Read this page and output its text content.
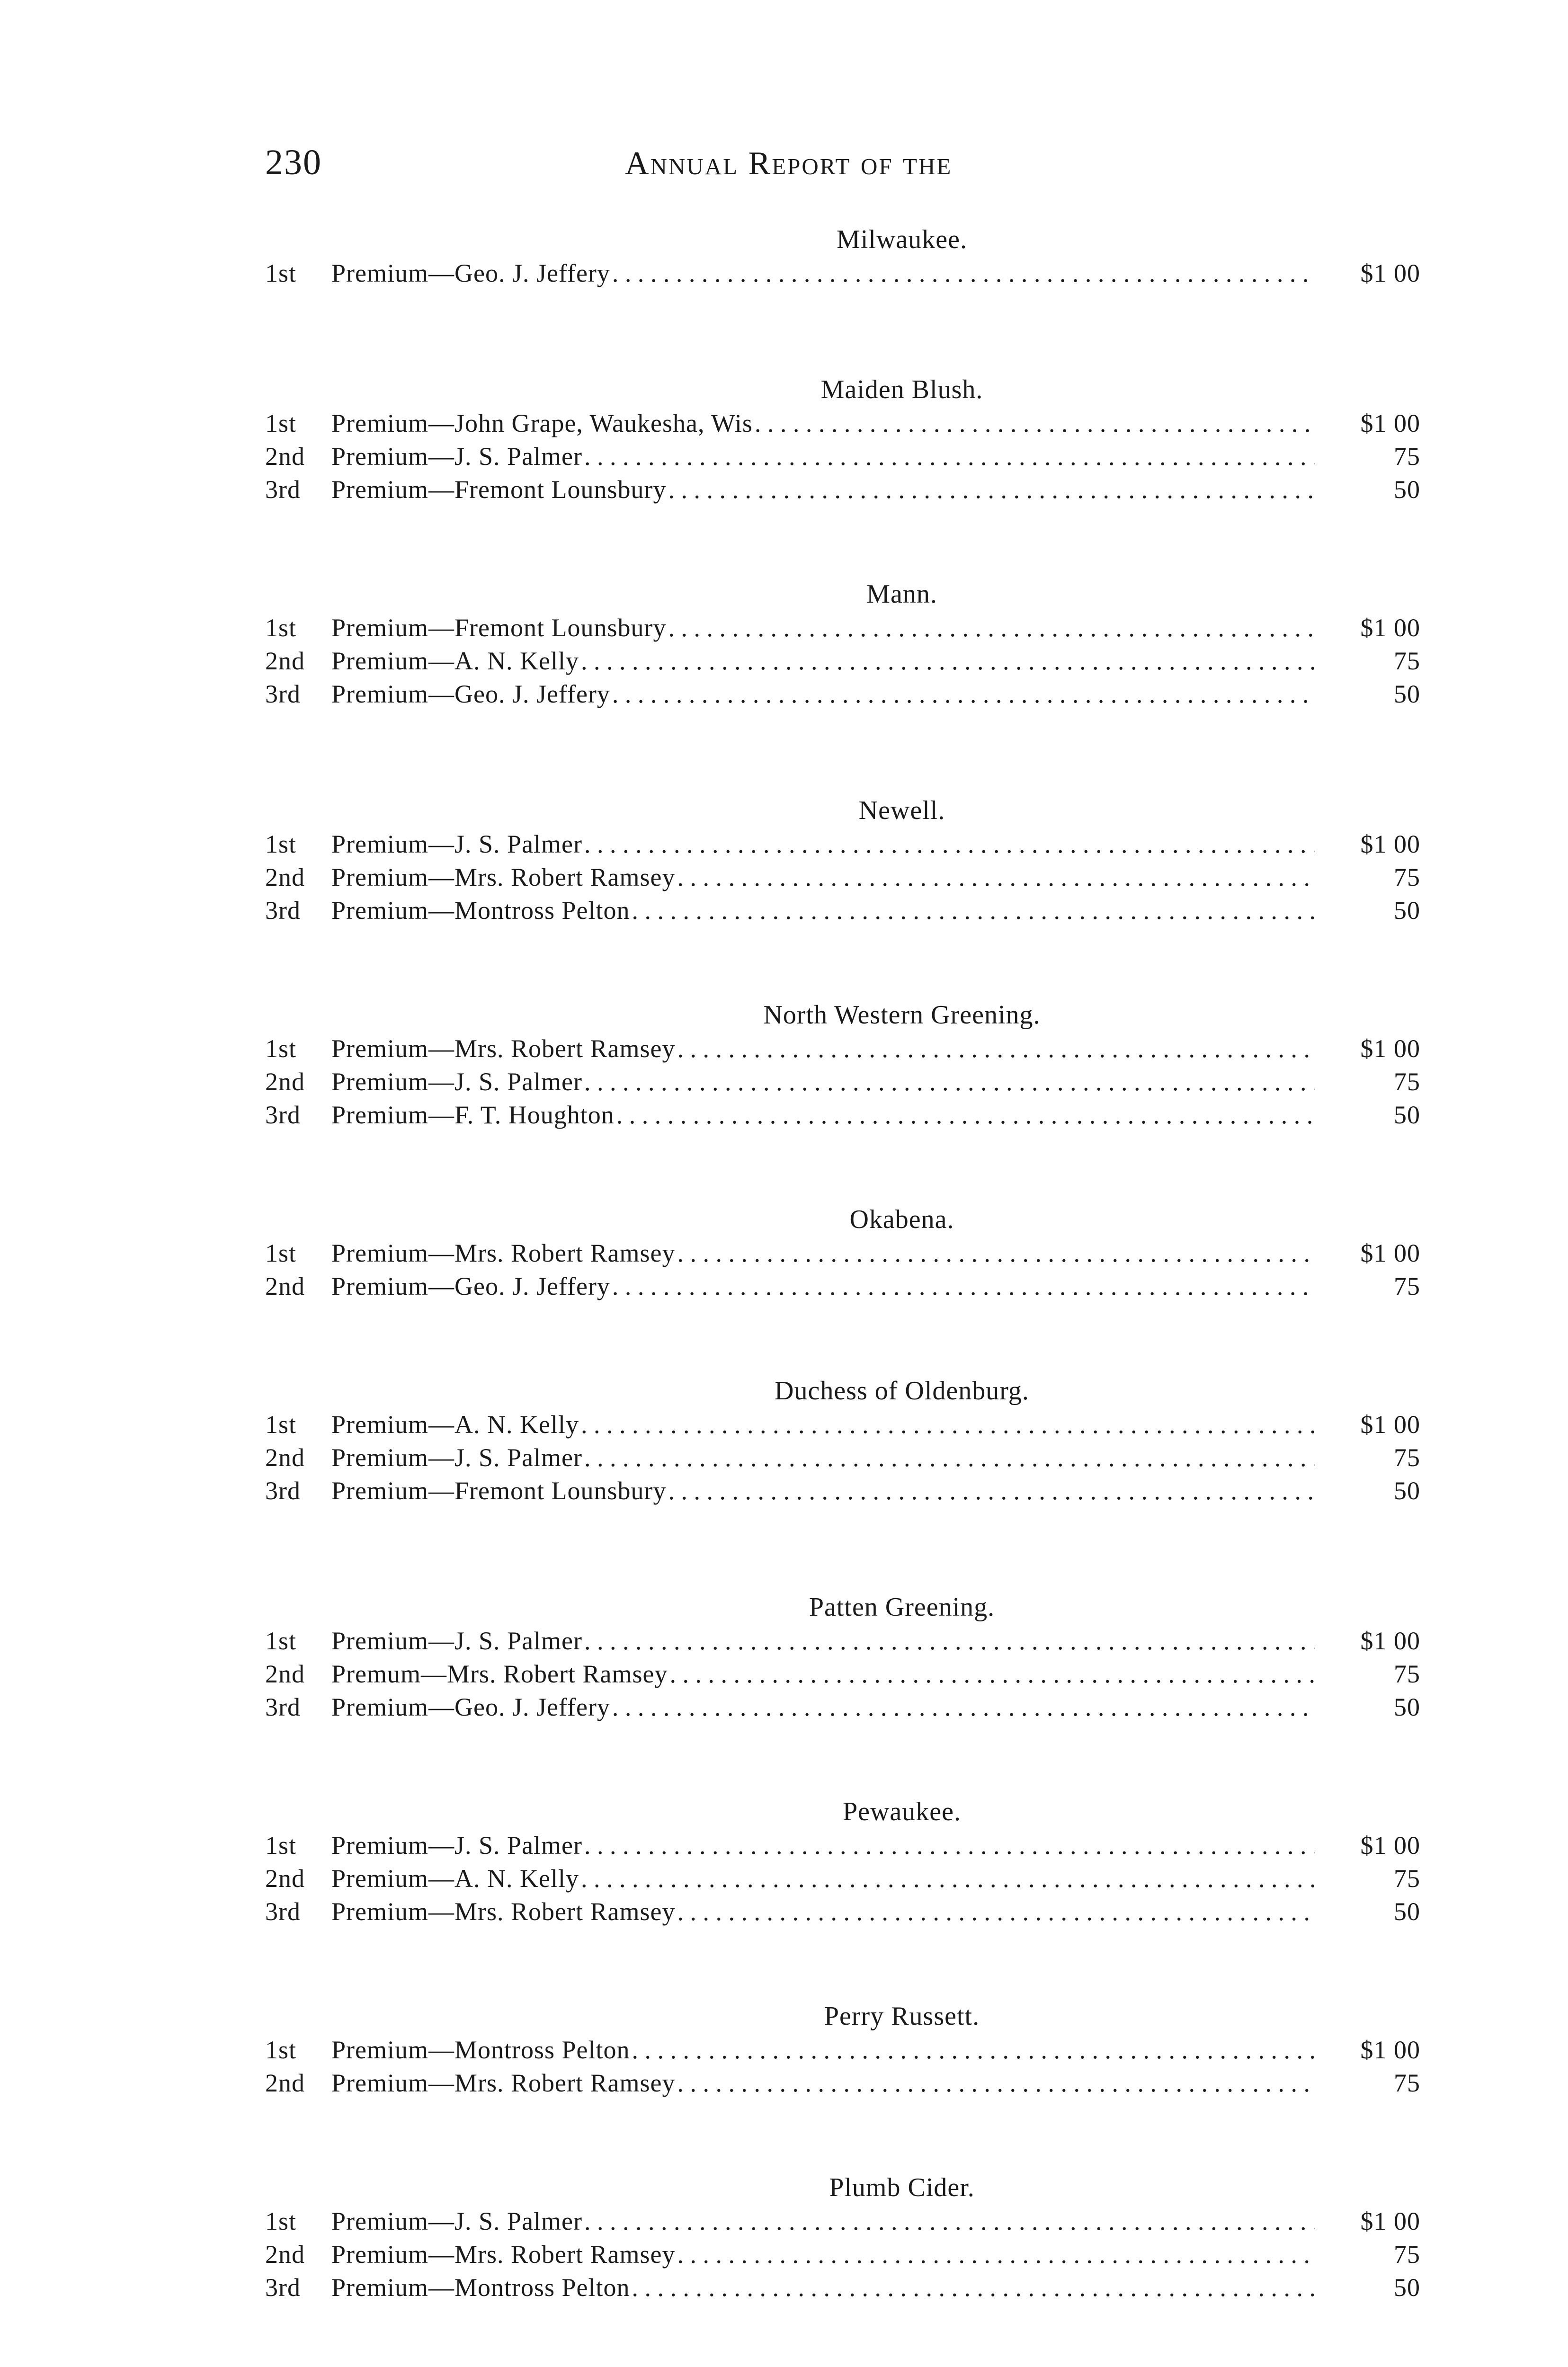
230	Annual Report of the
Milwaukee.
1st	Premium—Geo. J. Jeffery . . .	$1 00
Maiden Blush.
1st	Premium—John Grape, Waukesha, Wis . . .	$1 00
2nd	Premium—J. S. Palmer . . .	75
3rd	Premium—Fremont Lounsbury . . .	50
Mann.
1st	Premium—Fremont Lounsbury . . .	$1 00
2nd	Premium—A. N. Kelly . . .	75
3rd	Premium—Geo. J. Jeffery . . .	50
Newell.
1st	Premium—J. S. Palmer . . .	$1 00
2nd	Premium—Mrs. Robert Ramsey . . .	75
3rd	Premium—Montross Pelton . . .	50
North Western Greening.
1st	Premium—Mrs. Robert Ramsey . . .	$1 00
2nd	Premium—J. S. Palmer . . .	75
3rd	Premium—F. T. Houghton . . .	50
Okabena.
1st	Premium—Mrs. Robert Ramsey . . .	$1 00
2nd	Premium—Geo. J. Jeffery . . .	75
Duchess of Oldenburg.
1st	Premium—A. N. Kelly . . .	$1 00
2nd	Premium—J. S. Palmer . . .	75
3rd	Premium—Fremont Lounsbury . . .	50
Patten Greening.
1st	Premium—J. S. Palmer . . .	$1 00
2nd	Premum—Mrs. Robert Ramsey . . .	75
3rd	Premium—Geo. J. Jeffery . . .	50
Pewaukee.
1st	Premium—J. S. Palmer . . .	$1 00
2nd	Premium—A. N. Kelly . . .	75
3rd	Premium—Mrs. Robert Ramsey . . .	50
Perry Russett.
1st	Premium—Montross Pelton . . .	$1 00
2nd	Premium—Mrs. Robert Ramsey . . .	75
Plumb Cider.
1st	Premium—J. S. Palmer . . .	$1 00
2nd	Premium—Mrs. Robert Ramsey . . .	75
3rd	Premium—Montross Pelton . . .	50
